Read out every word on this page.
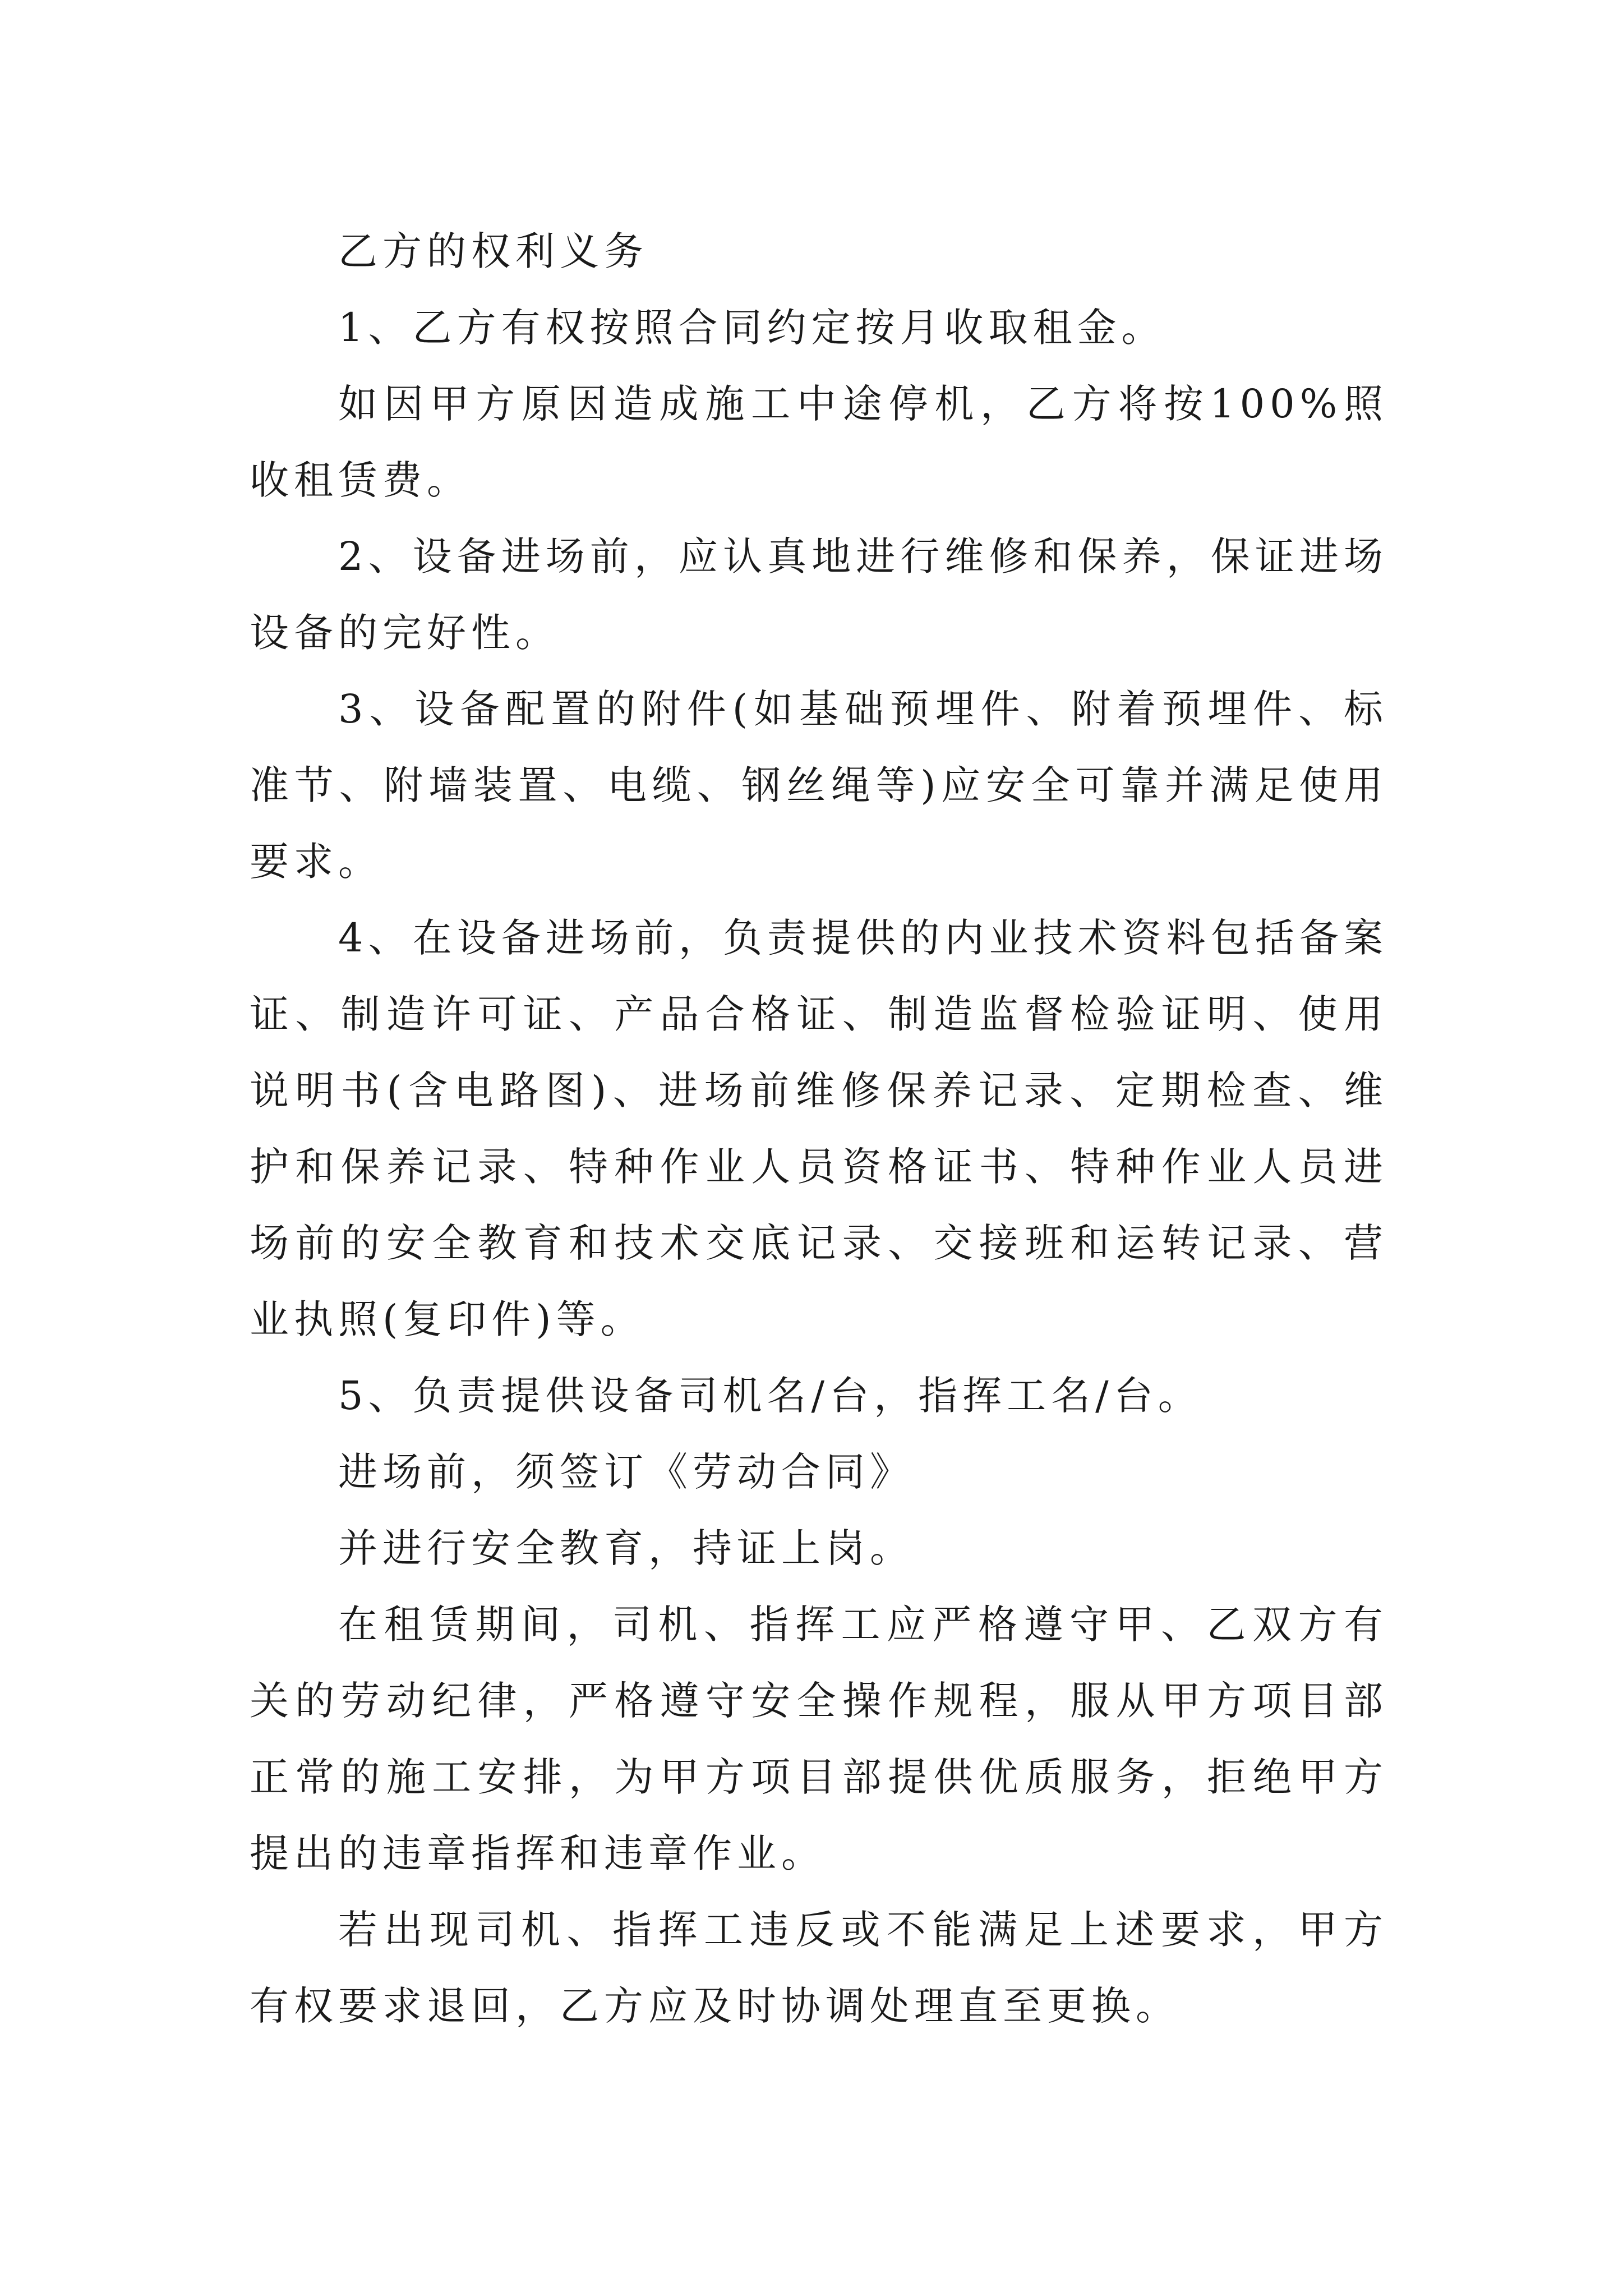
乙方的权利义务

1、乙方有权按照合同约定按月收取租金。

如因甲方原因造成施工中途停机，乙方将按100%照收租赁费。

2、设备进场前，应认真地进行维修和保养，保证进场设备的完好性。

3、设备配置的附件(如基础预埋件、附着预埋件、标准节、附墙装置、电缆、钢丝绳等)应安全可靠并满足使用要求。

4、在设备进场前，负责提供的内业技术资料包括备案证、制造许可证、产品合格证、制造监督检验证明、使用说明书(含电路图)、进场前维修保养记录、定期检查、维护和保养记录、特种作业人员资格证书、特种作业人员进场前的安全教育和技术交底记录、交接班和运转记录、营业执照(复印件)等。

5、负责提供设备司机名/台，指挥工名/台。

进场前，须签订《劳动合同》

并进行安全教育，持证上岗。

在租赁期间，司机、指挥工应严格遵守甲、乙双方有关的劳动纪律，严格遵守安全操作规程，服从甲方项目部正常的施工安排，为甲方项目部提供优质服务，拒绝甲方提出的违章指挥和违章作业。

若出现司机、指挥工违反或不能满足上述要求，甲方有权要求退回，乙方应及时协调处理直至更换。
